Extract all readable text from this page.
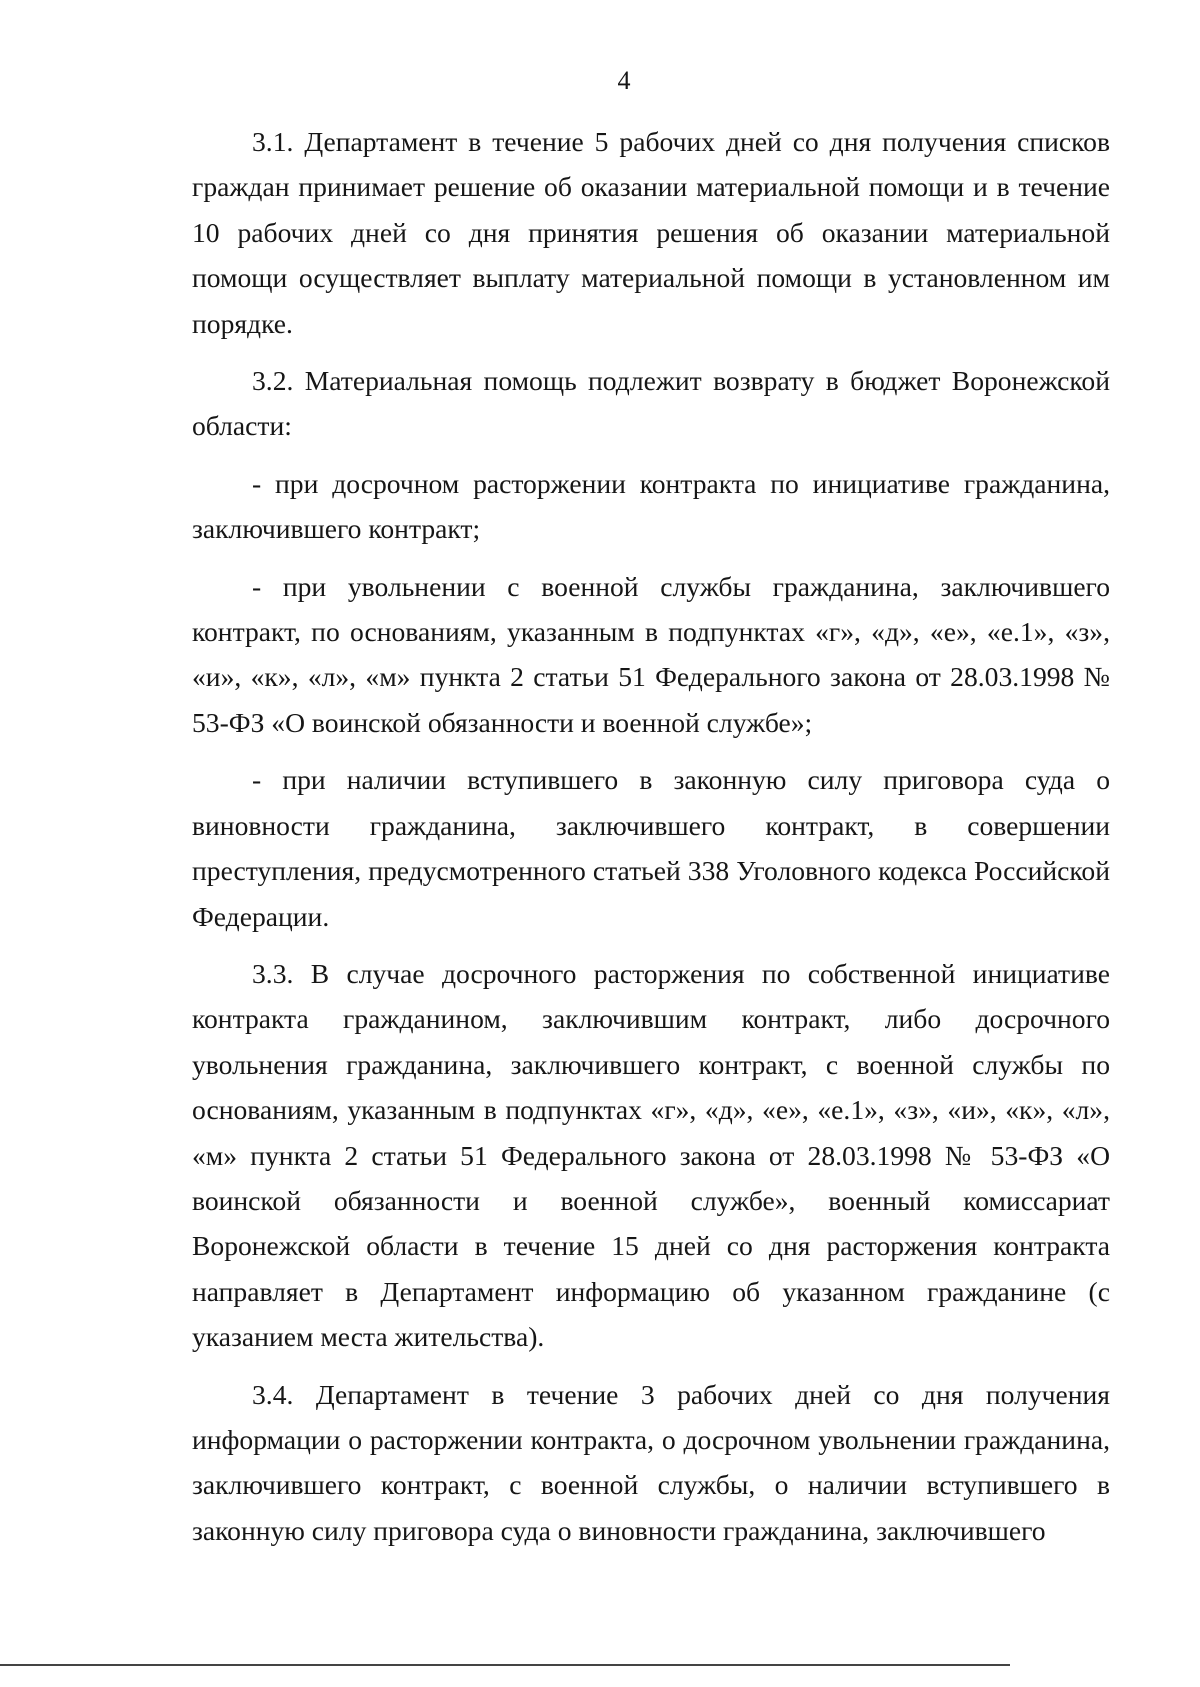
4

3.1. Департамент в течение 5 рабочих дней со дня получения списков граждан принимает решение об оказании материальной помощи и в течение 10 рабочих дней со дня принятия решения об оказании материальной помощи осуществляет выплату материальной помощи в установленном им порядке.

3.2. Материальная помощь подлежит возврату в бюджет Воронежской области:

- при досрочном расторжении контракта по инициативе гражданина, заключившего контракт;

- при увольнении с военной службы гражданина, заключившего контракт, по основаниям, указанным в подпунктах «г», «д», «е», «е.1», «з», «и», «к», «л», «м» пункта 2 статьи 51 Федерального закона от 28.03.1998 № 53-ФЗ «О воинской обязанности и военной службе»;

- при наличии вступившего в законную силу приговора суда о виновности гражданина, заключившего контракт, в совершении преступления, предусмотренного статьей 338 Уголовного кодекса Российской Федерации.

3.3. В случае досрочного расторжения по собственной инициативе контракта гражданином, заключившим контракт, либо досрочного увольнения гражданина, заключившего контракт, с военной службы по основаниям, указанным в подпунктах «г», «д», «е», «е.1», «з», «и», «к», «л», «м» пункта 2 статьи 51 Федерального закона от 28.03.1998 № 53-ФЗ «О воинской обязанности и военной службе», военный комиссариат Воронежской области в течение 15 дней со дня расторжения контракта направляет в Департамент информацию об указанном гражданине (с указанием места жительства).

3.4. Департамент в течение 3 рабочих дней со дня получения информации о расторжении контракта, о досрочном увольнении гражданина, заключившего контракт, с военной службы, о наличии вступившего в законную силу приговора суда о виновности гражданина, заключившего
